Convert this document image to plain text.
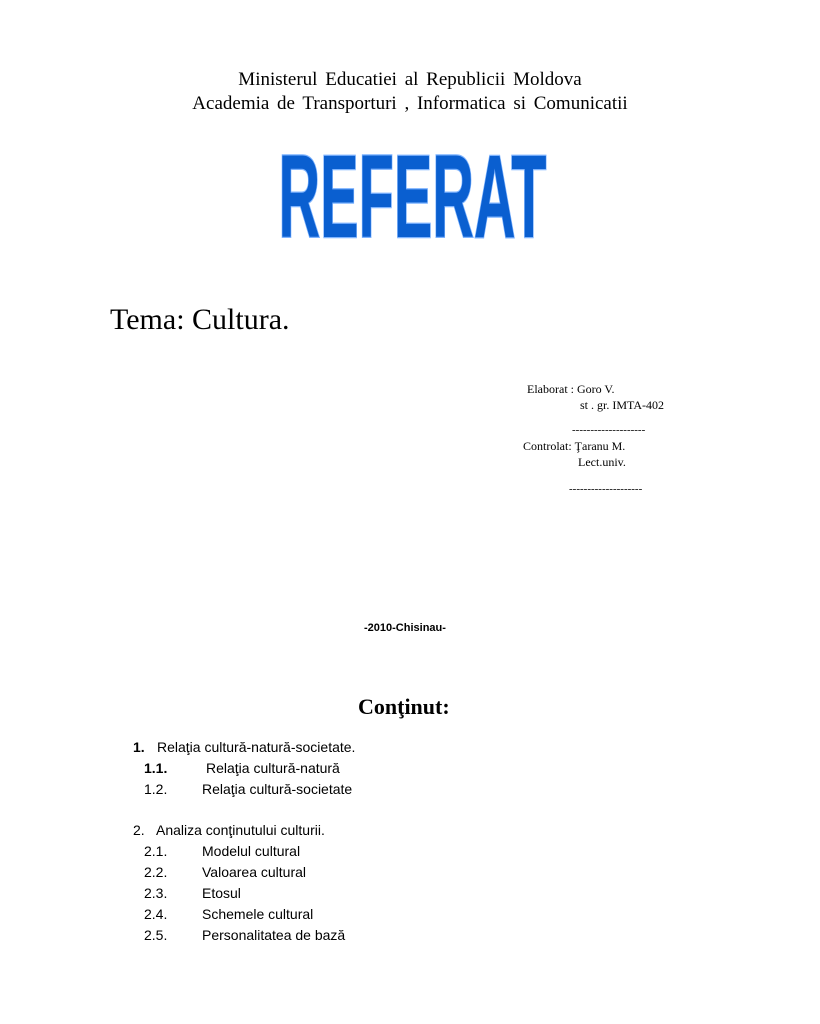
Ministerul Educatiei al Republicii Moldova
Academia de Transporturi , Informatica si Comunicatii
REFERAT
Tema: Cultura.
Elaborat : Goro V.
st . gr. IMTA-402
--------------------
Controlat: Ţaranu M.
Lect.univ.
--------------------
-2010-Chisinau-
Conţinut:
1. Relaţia cultură-natură-societate.
1.1.	Relaţia cultură-natură
1.2. Relaţia cultură-societate
2. Analiza conţinutului culturii.
2.1. Modelul cultural
2.2. Valoarea cultural
2.3. Etosul
2.4. Schemele cultural
2.5. Personalitatea de bază
